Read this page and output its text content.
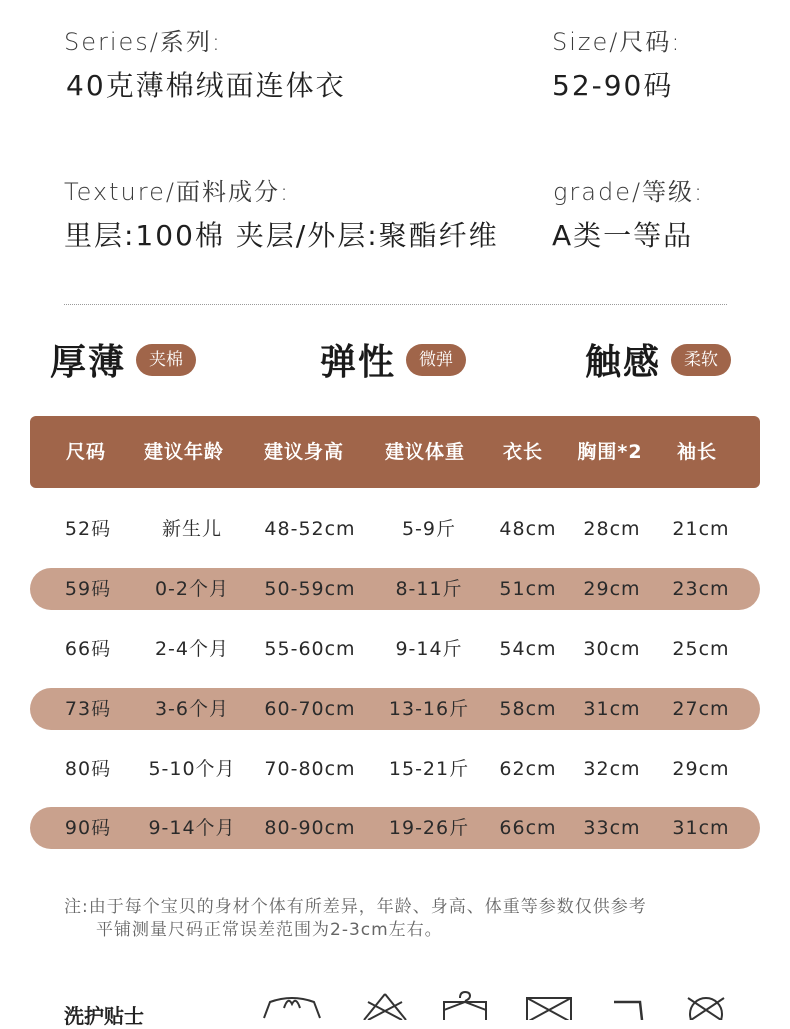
Series/系列:
40克薄棉绒面连体衣
Size/尺码:
52-90码
Texture/面料成分:
里层:100棉 夹层/外层:聚酯纤维
grade/等级:
A类一等品
厚薄	夹棉	弹性	微弹	触感	柔软
尺码	建议年龄	建议身高	建议体重	衣长	胸围*2	袖长
52码	新生儿	48-52cm	5-9斤	48cm	28cm	21cm
59码	0-2个月	50-59cm	8-11斤	51cm	29cm	23cm
66码	2-4个月	55-60cm	9-14斤	54cm	30cm	25cm
73码	3-6个月	60-70cm	13-16斤	58cm	31cm	27cm
80码	5-10个月	70-80cm	15-21斤	62cm	32cm	29cm
90码	9-14个月	80-90cm	19-26斤	66cm	33cm	31cm
注:由于每个宝贝的身材个体有所差异，年龄、身高、体重等参数仅供参考
平铺测量尺码正常误差范围为2-3cm左右。
洗护贴士
